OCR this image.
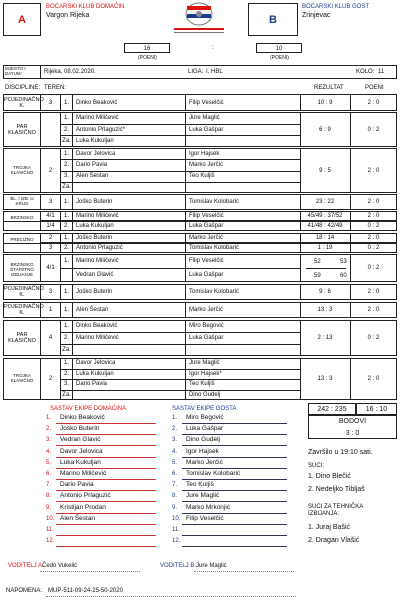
A
BOĆARSKI KLUB DOMAĆIN
Vargon Rijeka	B
BOĆARSKI KLUB GOST
Zrinjevac
16	:	10
(POENI)	(POENI)
MJESTO I DATUM:	Rijeka, 08.02.2020.	LIGA: I. HBL	KOLO: 11
DISCIPLINE: TEREN:	REZULTAT	POENI
POJEDINAČNO K.
3	1.	Dinko Beaković	Filip Veselčić	10 : 9	2 : 0
PAR KLASIČNO
1.	Marino Miličević	Jure Maglić
2.	Antonio Prlaguzić*	Luka Gašpar
Za. Luka Kukuljan
6 : 9	0 : 2
TROJKA KLASIČNO	2
1.	Davor Jelovica	Igor Hajsek
2.	Dario Pavia	Marko Jerčić
3.	Alen Šestan	Teo Kuljiš
Za.
9 : 5	2 : 0
BL. I IZB. U KRUG	3	1.	Joško Buterin	Tomislav Kolobarić	23 : 22	2 : 0
BRZINSKO	4/1	1.	Marino Miličević	Filip Veselčić	45/49 : 37/52	2 : 0
1/4	2.	Luka Kukuljan	Luka Gašpar	41/48 : 42/49	0 : 2
PRECIZNO	2	1.	Joško Buterin	Marko Jerčić	18 : 14	2 : 0
3	2.	Antonio Prlaguzić	Tomislav Kolobarić	1 : 19	0 : 2
BRZINSKO ŠTAFETNO IZBIJANJE
4/1
1.	Marino Miličević	Filip Veselčić
Vedran Glavić	Luka Gašpar
52	53
59	60
0 : 2
POJEDINAČNO K.
3	1.	Joško Buterin	Tomislav Kolobarić	9 : 6	2 : 0
POJEDINAČNO K.
1	1.	Alen Šestan	Marko Jerčić	13 : 3	2 : 0
PAR KLASIČNO
4
1.	Dinko Beaković	Miro Begović
2.	Marino Miličević	Luka Gašpar
Za.
2 : 13	0 : 2
TROJKA KLASIČNO	2
1.	Davor Jelovica	Jure Maglić
2.	Luka Kukuljan	Igor Hajsek*
3.	Dario Pavia	Teo Kuljiš
Za.	Dino Gudelj
13 : 3	2 : 0
SASTAV EKIPE DOMAĆINA	SASTAV EKIPE GOSTA
1. Dinko Beaković
2. Joško Buterin
3. Vedran Glavić
4. Davor Jelovica
5. Luka Kukuljan
6. Marino Miličević
7. Dario Pavia
8. Antonio Prlaguzić
9. Kristijan Prodan
10. Alen Šestan
11.
12.
1. Miro Begović
2. Luka Gašpar
3. Dino Gudelj
4. Igor Hajsek
5. Marko Jerčić
6. Tomislav Kolobarić
7. Teo Kuljiš
8. Jure Maglić
9. Marko Mrkonjić
10. Filip Veselčić
11.
12.
242 : 235	16 : 10
BODOVI
3 : 0
Završilo u 19:10 sati.
SUCI:
1. Dino Blečić
2. Nedeljko Tibljaš
SUCI ZA TEHNIČKA IZBIJANJA:
1. Juraj Bašić
2. Dragan Vlašić
VODITELJ A:
Čedo Vukelić	VODITELJ B: Jure Maglić
NAPOMENA: MUP-511-09-24-25-50-2020
